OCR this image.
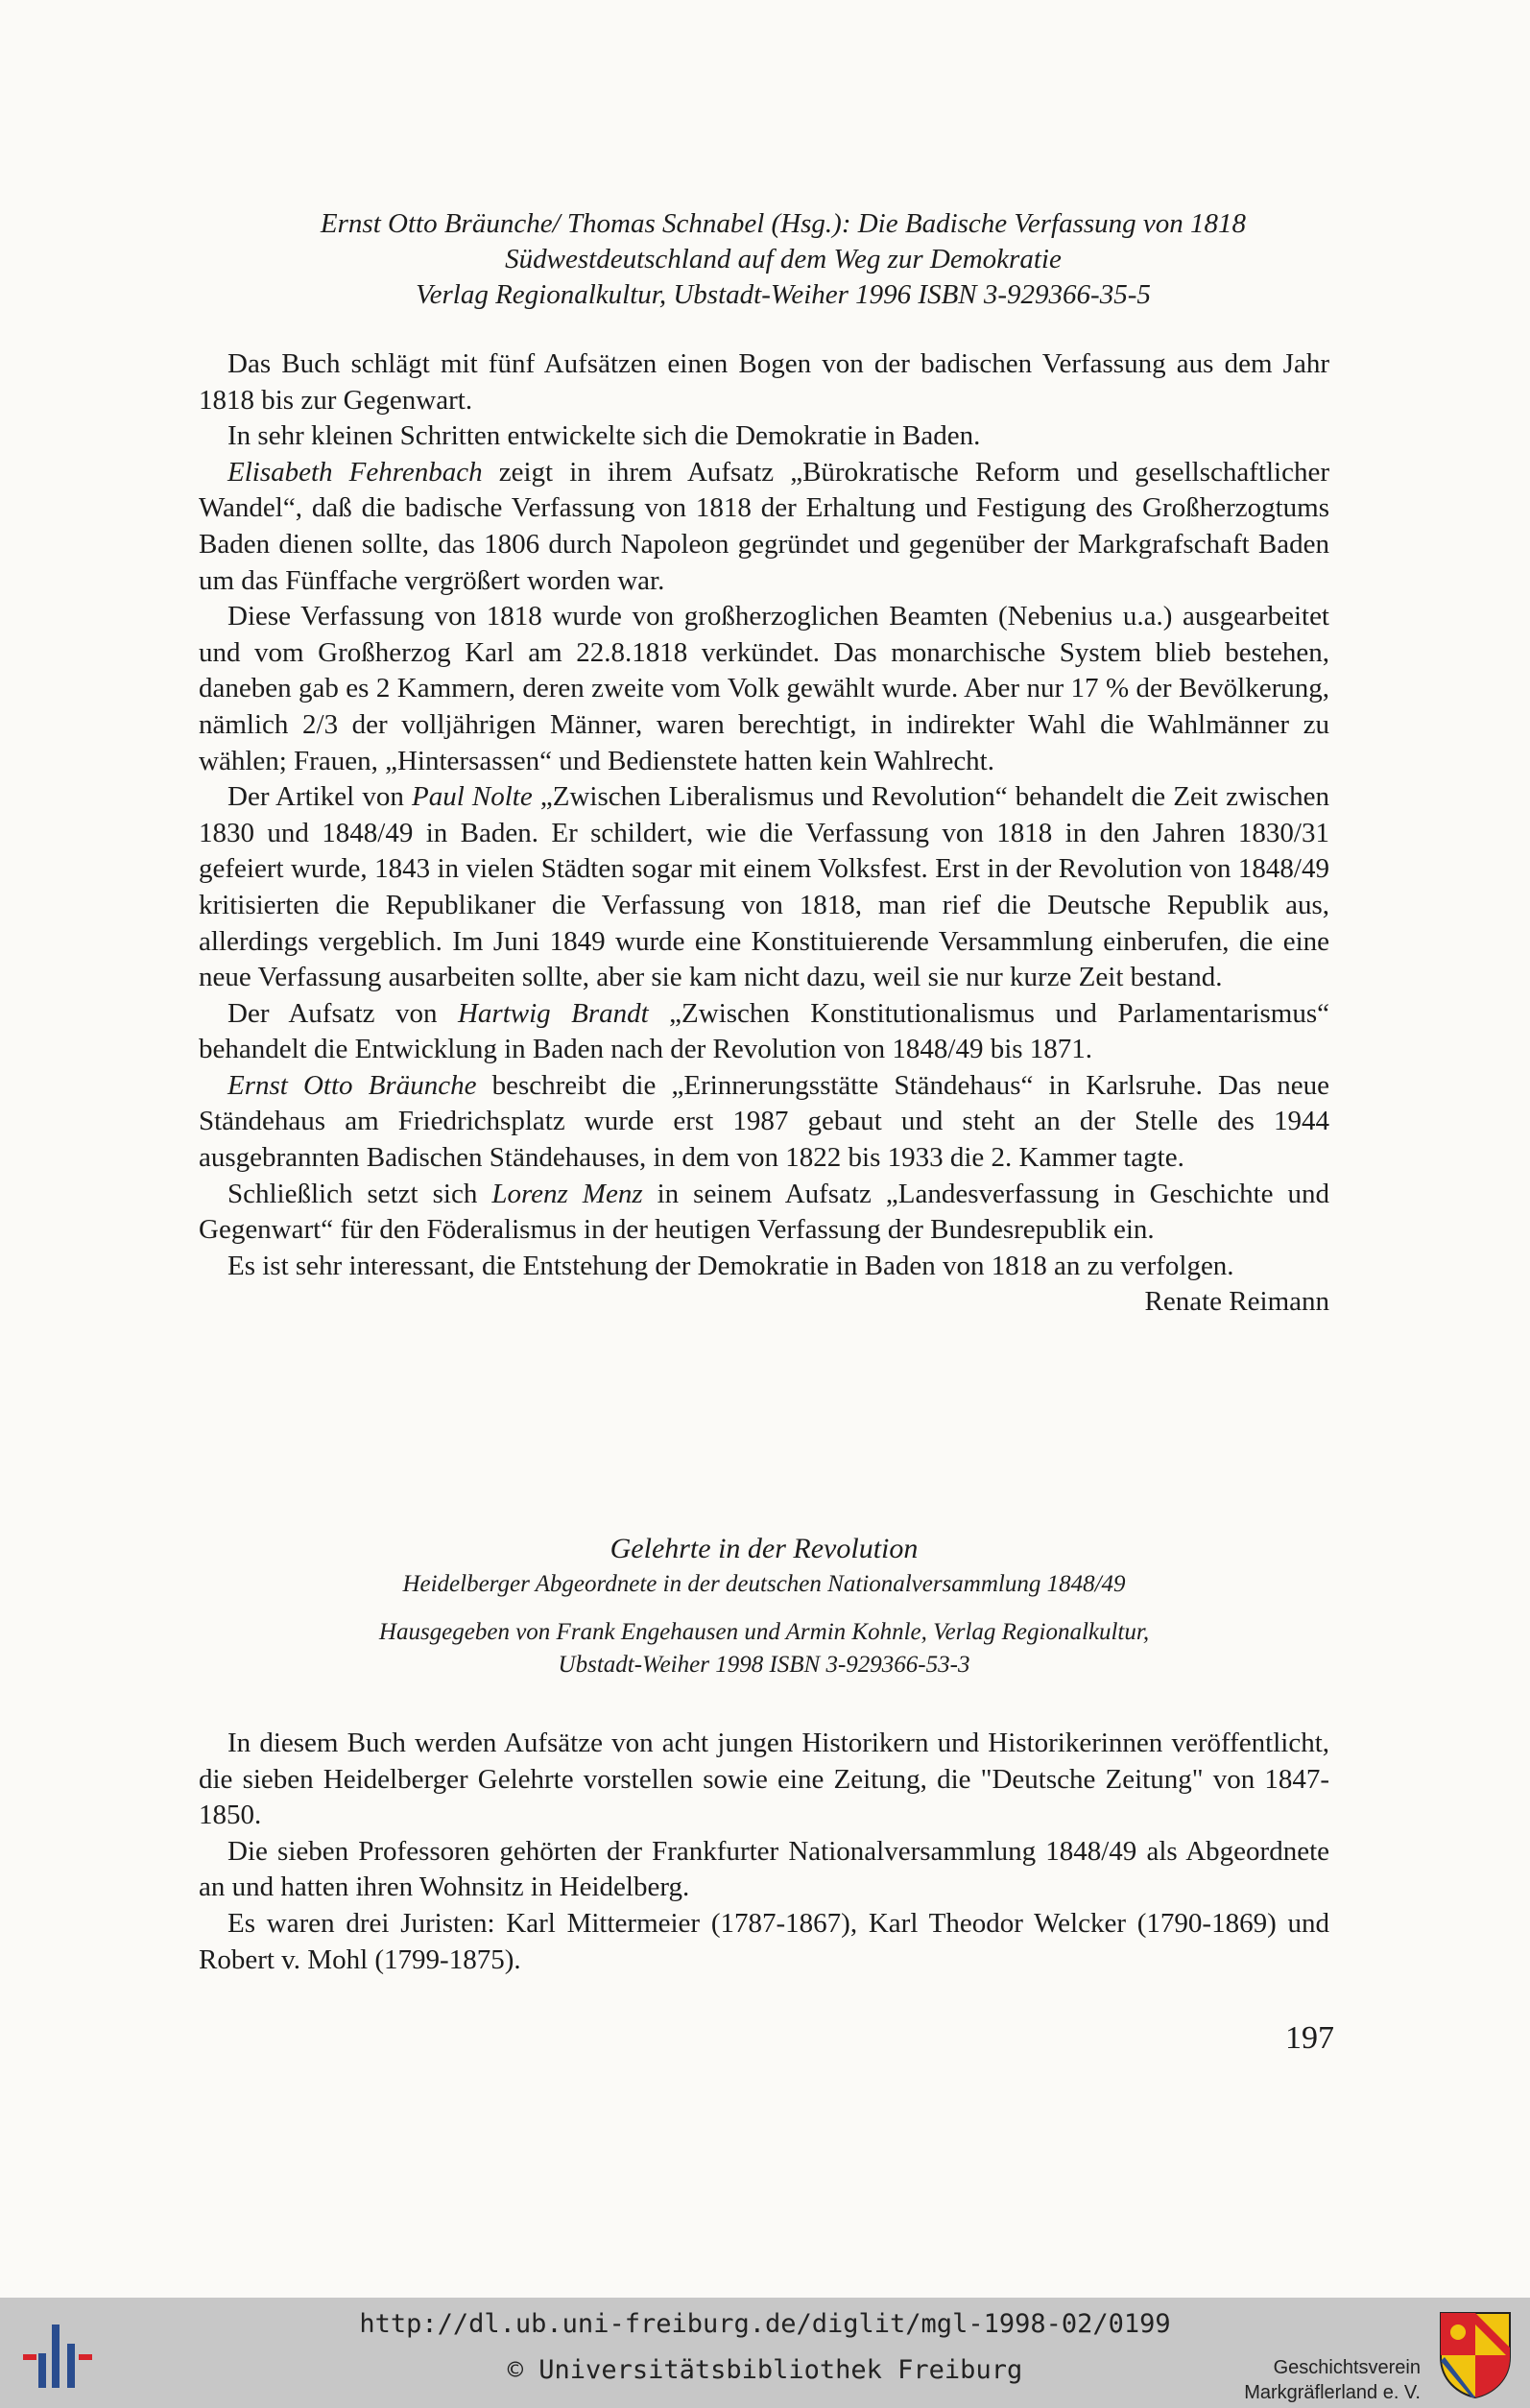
Ernst Otto Bräunche/ Thomas Schnabel (Hsg.): Die Badische Verfassung von 1818
Südwestdeutschland auf dem Weg zur Demokratie
Verlag Regionalkultur, Ubstadt-Weiher 1996 ISBN 3-929366-35-5

Das Buch schlägt mit fünf Aufsätzen einen Bogen von der badischen Verfassung aus dem Jahr 1818 bis zur Gegenwart.

In sehr kleinen Schritten entwickelte sich die Demokratie in Baden.

Elisabeth Fehrenbach zeigt in ihrem Aufsatz „Bürokratische Reform und gesellschaftlicher Wandel“, daß die badische Verfassung von 1818 der Erhaltung und Festigung des Großherzogtums Baden dienen sollte, das 1806 durch Napoleon gegründet und gegenüber der Markgrafschaft Baden um das Fünffache vergrößert worden war.

Diese Verfassung von 1818 wurde von großherzoglichen Beamten (Nebenius u.a.) ausgearbeitet und vom Großherzog Karl am 22.8.1818 verkündet. Das monarchische System blieb bestehen, daneben gab es 2 Kammern, deren zweite vom Volk gewählt wurde. Aber nur 17 % der Bevölkerung, nämlich 2/3 der volljährigen Männer, waren berechtigt, in indirekter Wahl die Wahlmänner zu wählen; Frauen, „Hintersassen“ und Bedienstete hatten kein Wahlrecht.

Der Artikel von Paul Nolte „Zwischen Liberalismus und Revolution“ behandelt die Zeit zwischen 1830 und 1848/49 in Baden. Er schildert, wie die Verfassung von 1818 in den Jahren 1830/31 gefeiert wurde, 1843 in vielen Städten sogar mit einem Volksfest. Erst in der Revolution von 1848/49 kritisierten die Republikaner die Verfassung von 1818, man rief die Deutsche Republik aus, allerdings vergeblich. Im Juni 1849 wurde eine Konstituierende Versammlung einberufen, die eine neue Verfassung ausarbeiten sollte, aber sie kam nicht dazu, weil sie nur kurze Zeit bestand.

Der Aufsatz von Hartwig Brandt „Zwischen Konstitutionalismus und Parlamentarismus“ behandelt die Entwicklung in Baden nach der Revolution von 1848/49 bis 1871.

Ernst Otto Bräunche beschreibt die „Erinnerungsstätte Ständehaus“ in Karlsruhe. Das neue Ständehaus am Friedrichsplatz wurde erst 1987 gebaut und steht an der Stelle des 1944 ausgebrannten Badischen Ständehauses, in dem von 1822 bis 1933 die 2. Kammer tagte.

Schließlich setzt sich Lorenz Menz in seinem Aufsatz „Landesverfassung in Geschichte und Gegenwart“ für den Föderalismus in der heutigen Verfassung der Bundesrepublik ein.

Es ist sehr interessant, die Entstehung der Demokratie in Baden von 1818 an zu verfolgen.

Renate Reimann
Gelehrte in der Revolution
Heidelberger Abgeordnete in der deutschen Nationalversammlung 1848/49
Hausgegeben von Frank Engehausen und Armin Kohnle, Verlag Regionalkultur,
Ubstadt-Weiher 1998 ISBN 3-929366-53-3

In diesem Buch werden Aufsätze von acht jungen Historikern und Historikerinnen veröffentlicht, die sieben Heidelberger Gelehrte vorstellen sowie eine Zeitung, die "Deutsche Zeitung" von 1847-1850.

Die sieben Professoren gehörten der Frankfurter Nationalversammlung 1848/49 als Abgeordnete an und hatten ihren Wohnsitz in Heidelberg.

Es waren drei Juristen: Karl Mittermeier (1787-1867), Karl Theodor Welcker (1790-1869) und Robert v. Mohl (1799-1875).

197
http://dl.ub.uni-freiburg.de/diglit/mgl-1998-02/0199
© Universitätsbibliothek Freiburg	Geschichtsverein
Markgräflerland e. V.
